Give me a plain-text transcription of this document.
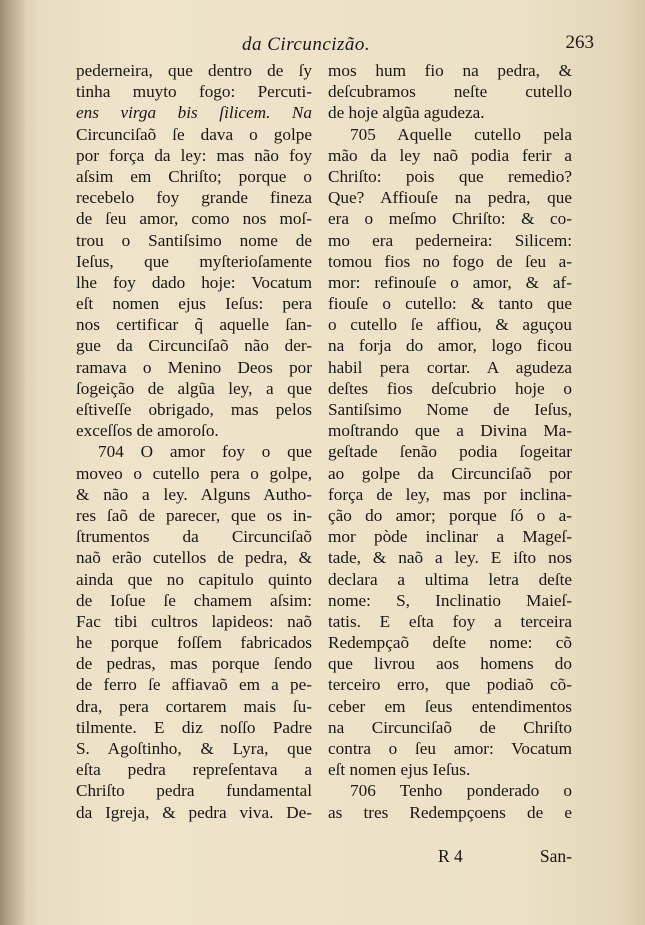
da Circuncizão.	263
pederneira, que dentro de ſy
tinha muyto fogo: Percuti-
ens virga bis ſilicem. Na
Circunciſaõ ſe dava o golpe
por força da ley: mas não foy
aſsim em Chriſto; porque o
recebelo foy grande fineza
de ſeu amor, como nos moſ-
trou o Santiſsimo nome de
Ieſus, que myſterioſamente
lhe foy dado hoje: Vocatum
eſt nomen ejus Ieſus: pera
nos certificar q̃ aquelle ſan-
gue da Circunciſaõ não der-
ramava o Menino Deos por
ſogeição de algũa ley, a que
eſtiveſſe obrigado, mas pelos
exceſſos de amoroſo.
704 O amor foy o que
moveo o cutello pera o golpe,
& não a ley. Alguns Autho-
res ſaõ de parecer, que os in-
ſtrumentos da Circunciſaõ
naõ erão cutellos de pedra, &
ainda que no capitulo quinto
de Ioſue ſe chamem aſsim:
Fac tibi cultros lapideos: naõ
he porque foſſem fabricados
de pedras, mas porque ſendo
de ferro ſe affiavaõ em a pe-
dra, pera cortarem mais ſu-
tilmente. E diz noſſo Padre
S. Agoſtinho, & Lyra, que
eſta pedra repreſentava a
Chriſto pedra fundamental
da Igreja, & pedra viva. De-
mos hum fio na pedra, &
deſcubramos neſte cutello
de hoje algũa agudeza.
705 Aquelle cutello pela
mão da ley naõ podia ferir a
Chriſto: pois que remedio?
Que? Affiouſe na pedra, que
era o meſmo Chriſto: & co-
mo era pederneira: Silicem:
tomou fios no fogo de ſeu a-
mor: refinouſe o amor, & af-
fiouſe o cutello: & tanto que
o cutello ſe affiou, & aguçou
na forja do amor, logo ficou
habil pera cortar. A agudeza
deſtes fios deſcubrio hoje o
Santiſsimo Nome de Ieſus,
moſtrando que a Divina Ma-
geſtade ſenão podia ſogeitar
ao golpe da Circunciſaõ por
força de ley, mas por inclina-
ção do amor; porque ſó o a-
mor pòde inclinar a Mageſ-
tade, & naõ a ley. E iſto nos
declara a ultima letra deſte
nome: S, Inclinatio Maieſ-
tatis. E eſta foy a terceira
Redempçaõ deſte nome: cõ
que livrou aos homens do
terceiro erro, que podiaõ cõ-
ceber em ſeus entendimentos
na Circunciſaõ de Chriſto
contra o ſeu amor: Vocatum
eſt nomen ejus Ieſus.
706 Tenho ponderado o
as tres Redempçoens de e
R 4	San-
